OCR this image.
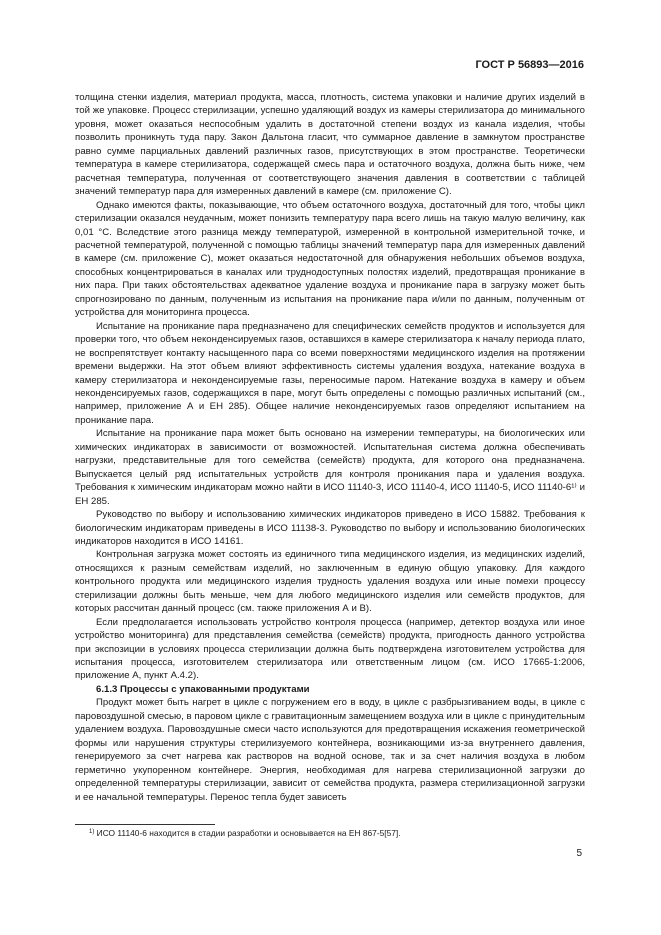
ГОСТ Р 56893—2016

толщина стенки изделия, материал продукта, масса, плотность, система упаковки и наличие других изделий в той же упаковке. Процесс стерилизации, успешно удаляющий воздух из камеры стерилизатора до минимального уровня, может оказаться неспособным удалить в достаточной степени воздух из канала изделия, чтобы позволить проникнуть туда пару. Закон Дальтона гласит, что суммарное давление в замкнутом пространстве равно сумме парциальных давлений различных газов, присутствующих в этом пространстве. Теоретически температура в камере стерилизатора, содержащей смесь пара и остаточного воздуха, должна быть ниже, чем расчетная температура, полученная от соответствующего значения давления в соответствии с таблицей значений температур пара для измеренных давлений в камере (см. приложение С).

Однако имеются факты, показывающие, что объем остаточного воздуха, достаточный для того, чтобы цикл стерилизации оказался неудачным, может понизить температуру пара всего лишь на такую малую величину, как 0,01 °С. Вследствие этого разница между температурой, измеренной в контрольной измерительной точке, и расчетной температурой, полученной с помощью таблицы значений температур пара для измеренных давлений в камере (см. приложение С), может оказаться недостаточной для обнаружения небольших объемов воздуха, способных концентрироваться в каналах или труднодоступных полостях изделий, предотвращая проникание в них пара. При таких обстоятельствах адекватное удаление воздуха и проникание пара в загрузку может быть спрогнозировано по данным, полученным из испытания на проникание пара и/или по данным, полученным от устройства для мониторинга процесса.

Испытание на проникание пара предназначено для специфических семейств продуктов и используется для проверки того, что объем неконденсируемых газов, оставшихся в камере стерилизатора к началу периода плато, не воспрепятствует контакту насыщенного пара со всеми поверхностями медицинского изделия на протяжении времени выдержки. На этот объем влияют эффективность системы удаления воздуха, натекание воздуха в камеру стерилизатора и неконденсируемые газы, переносимые паром. Натекание воздуха в камеру и объем неконденсируемых газов, содержащихся в паре, могут быть определены с помощью различных испытаний (см., например, приложение А и ЕН 285). Общее наличие неконденсируемых газов определяют испытанием на проникание пара.

Испытание на проникание пара может быть основано на измерении температуры, на биологических или химических индикаторах в зависимости от возможностей. Испытательная система должна обеспечивать нагрузки, представительные для того семейства (семейств) продукта, для которого она предназначена. Выпускается целый ряд испытательных устройств для контроля проникания пара и удаления воздуха. Требования к химическим индикаторам можно найти в ИСО 11140-3, ИСО 11140-4, ИСО 11140-5, ИСО 11140-6¹⁾ и ЕН 285.

Руководство по выбору и использованию химических индикаторов приведено в ИСО 15882. Требования к биологическим индикаторам приведены в ИСО 11138-3. Руководство по выбору и использованию биологических индикаторов находится в ИСО 14161.

Контрольная загрузка может состоять из единичного типа медицинского изделия, из медицинских изделий, относящихся к разным семействам изделий, но заключенным в единую общую упаковку. Для каждого контрольного продукта или медицинского изделия трудность удаления воздуха или иные помехи процессу стерилизации должны быть меньше, чем для любого медицинского изделия или семейств продуктов, для которых рассчитан данный процесс (см. также приложения А и В).

Если предполагается использовать устройство контроля процесса (например, детектор воздуха или иное устройство мониторинга) для представления семейства (семейств) продукта, пригодность данного устройства при экспозиции в условиях процесса стерилизации должна быть подтверждена изготовителем устройства для испытания процесса, изготовителем стерилизатора или ответственным лицом (см. ИСО 17665-1:2006, приложение А, пункт А.4.2).

6.1.3 Процессы с упакованными продуктами

Продукт может быть нагрет в цикле с погружением его в воду, в цикле с разбрызгиванием воды, в цикле с паровоздушной смесью, в паровом цикле с гравитационным замещением воздуха или в цикле с принудительным удалением воздуха. Паровоздушные смеси часто используются для предотвращения искажения геометрической формы или нарушения структуры стерилизуемого контейнера, возникающими из-за внутреннего давления, генерируемого за счет нагрева как растворов на водной основе, так и за счет наличия воздуха в любом герметично укупоренном контейнере. Энергия, необходимая для нагрева стерилизационной загрузки до определенной температуры стерилизации, зависит от семейства продукта, размера стерилизационной загрузки и ее начальной температуры. Перенос тепла будет зависеть

$^{1)}$ ИСО 11140-6 находится в стадии разработки и основывается на ЕН 867-5[57].
5
